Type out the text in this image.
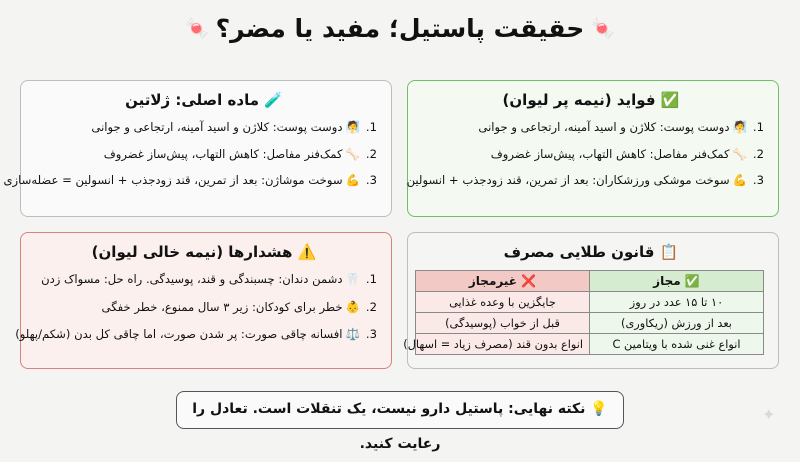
🍬حقیقت پاستیل؛ مفید یا مضر؟🍬
🧪 ماده اصلی: ژلاتین
1. 🧖 دوست پوست: کلاژن و اسید آمینه، ارتجاعی و جوانی
2. 🦴 کمک‌فنر مفاصل: کاهش التهاب، پیش‌ساز غضروف
3. 💪 سوخت موشاژن: بعد از تمرین، قند زودجذب + انسولین = عضله‌سازی
✅ فواید (نیمه پر لیوان)
1. 🧖 دوست پوست: کلاژن و اسید آمینه، ارتجاعی و جوانی
2. 🦴 کمک‌فنر مفاصل: کاهش التهاب، پیش‌ساز غضروف
3. 💪 سوخت موشکی ورزشکاران: بعد از تمرین، قند زودجذب + انسولین
⚠️ هشدارها (نیمه خالی لیوان)
1. 🦷 دشمن دندان: چسبندگی و قند، پوسیدگی. راه حل: مسواک زدن
2. 👶 خطر برای کودکان: زیر ۳ سال ممنوع، خطر خفگی
3. ⚖️ افسانه چاقی صورت: پر شدن صورت، اما چاقی کل بدن (شکم/پهلو)
📋 قانون طلایی مصرف
✅ مجاز	❌ غیرمجاز
۱۰ تا ۱۵ عدد در روز	جایگزین با وعده غذایی
بعد از ورزش (ریکاوری)	قبل از خواب (پوسیدگی)
انواع غنی شده با ویتامین C	انواع بدون قند (مصرف زیاد = اسهال)
💡 نکته نهایی: پاستیل دارو نیست، یک تنقلات است. تعادل را رعایت کنید.
✦
